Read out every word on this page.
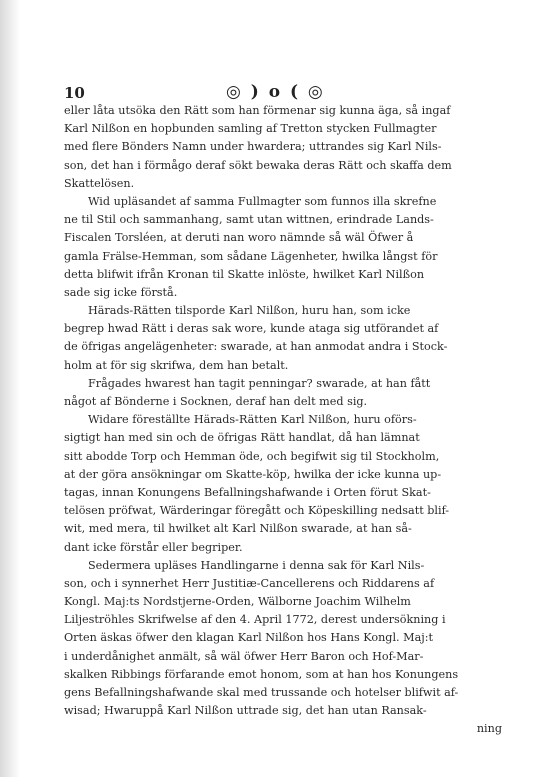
10	◎ ) o ( ◎
eller låta utsöka den Rätt som han förmenar sig kunna äga, så ingaf
Karl Nilßon en hopbunden samling af Tretton stycken Fullmagter
med flere Bönders Namn under hwardera; uttrandes sig Karl Nils-
son, det han i förmågo deraf sökt bewaka deras Rätt och skaffa dem
Skattelösen.
Wid upläsandet af samma Fullmagter som funnos illa skrefne
ne til Stil och sammanhang, samt utan wittnen, erindrade Lands-
Fiscalen Torsléen, at deruti nan woro nämnde så wäl Öfwer å
gamla Frälse-Hemman, som sådane Lägenheter, hwilka långst för
detta blifwit ifrån Kronan til Skatte inlöste, hwilket Karl Nilßon
sade sig icke förstå.
Härads-Rätten tilsporde Karl Nilßon, huru han, som icke
begrep hwad Rätt i deras sak wore, kunde ataga sig utförandet af
de öfrigas angelägenheter: swarade, at han anmodat andra i Stock-
holm at för sig skrifwa, dem han betalt.
Frågades hwarest han tagit penningar? swarade, at han fått
något af Bönderne i Socknen, deraf han delt med sig.
Widare föreställte Härads-Rätten Karl Nilßon, huru oförs-
sigtigt han med sin och de öfrigas Rätt handlat, då han lämnat
sitt abodde Torp och Hemman öde, och begifwit sig til Stockholm,
at der göra ansökningar om Skatte-köp, hwilka der icke kunna up-
tagas, innan Konungens Befallningshafwande i Orten förut Skat-
telösen pröfwat, Wärderingar föregått och Köpeskilling nedsatt blif-
wit, med mera, til hwilket alt Karl Nilßon swarade, at han så-
dant icke förstår eller begriper.
Sedermera upläses Handlingarne i denna sak för Karl Nils-
son, och i synnerhet Herr Justitiæ-Cancellerens och Riddarens af
Kongl. Maj:ts Nordstjerne-Orden, Wälborne Joachim Wilhelm
Liljeströhles Skrifwelse af den 4. April 1772, derest undersökning i
Orten äskas öfwer den klagan Karl Nilßon hos Hans Kongl. Maj:t
i underdånighet anmält, så wäl öfwer Herr Baron och Hof-Mar-
skalken Ribbings förfarande emot honom, som at han hos Konungens
gens Befallningshafwande skal med trussande och hotelser blifwit af-
wisad; Hwaruppå Karl Nilßon uttrade sig, det han utan Ransak-
ning
